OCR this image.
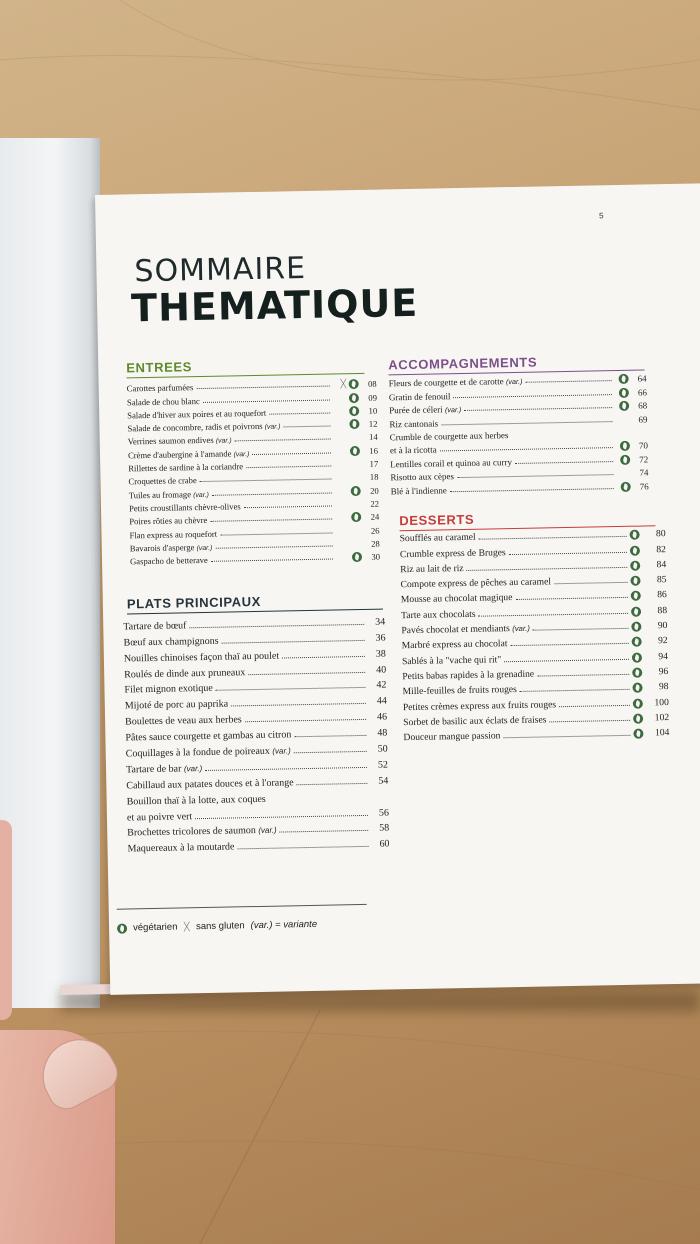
5
SOMMAIRE
THEMATIQUE
ENTREES
Carottes parfumées	ᚷ	08
Salade de chou blanc	09
Salade d'hiver aux poires et au roquefort	10
Salade de concombre, radis et poivrons (var.)	12
Verrines saumon endives (var.)	14
Crème d'aubergine à l'amande (var.)	16
Rillettes de sardine à la coriandre	17
Croquettes de crabe	18
Tuiles au fromage (var.)	20
Petits croustillants chèvre-olives	22
Poires rôties au chèvre	24
Flan express au roquefort	26
Bavarois d'asperge (var.)	28
Gaspacho de betterave	30
PLATS PRINCIPAUX
Tartare de bœuf	34
Bœuf aux champignons	36
Nouilles chinoises façon thaï au poulet	38
Roulés de dinde aux pruneaux	40
Filet mignon exotique	42
Mijoté de porc au paprika	44
Boulettes de veau aux herbes	46
Pâtes sauce courgette et gambas au citron	48
Coquillages à la fondue de poireaux (var.)	50
Tartare de bar (var.)	52
Cabillaud aux patates douces et à l'orange	54
Bouillon thaï à la lotte, aux coques
et au poivre vert	56
Brochettes tricolores de saumon (var.)	58
Maquereaux à la moutarde	60
ACCOMPAGNEMENTS
Fleurs de courgette et de carotte (var.)	64
Gratin de fenouil	66
Purée de céleri (var.)	68
Riz cantonais	69
Crumble de courgette aux herbes
et à la ricotta	70
Lentilles corail et quinoa au curry	72
Risotto aux cèpes	74
Blé à l'indienne	76
DESSERTS
Soufflés au caramel	80
Crumble express de Bruges	82
Riz au lait de riz	84
Compote express de pêches au caramel	85
Mousse au chocolat magique	86
Tarte aux chocolats	88
Pavés chocolat et mendiants (var.)	90
Marbré express au chocolat	92
Sablés à la "vache qui rit"	94
Petits babas rapides à la grenadine	96
Mille-feuilles de fruits rouges	98
Petites crèmes express aux fruits rouges	100
Sorbet de basilic aux éclats de fraises	102
Douceur mangue passion	104
végétarien ᚷ sans gluten (var.) = variante
